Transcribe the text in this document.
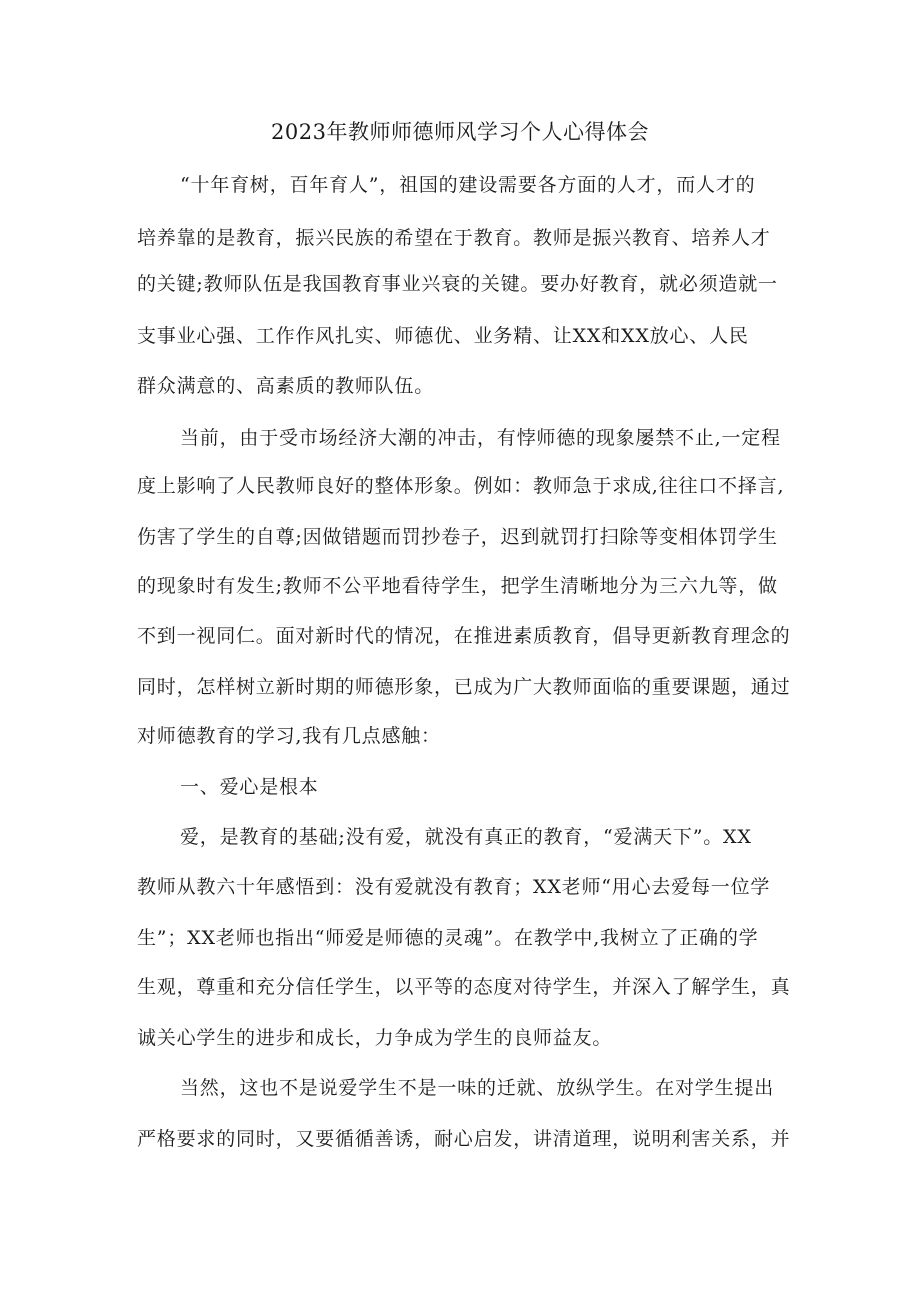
2023年教师师德师风学习个人心得体会
“十年育树，百年育人”，祖国的建设需要各方面的人才，而人才的
培养靠的是教育，振兴民族的希望在于教育。教师是振兴教育、培养人才
的关键;教师队伍是我国教育事业兴衰的关键。要办好教育，就必须造就一
支事业心强、工作作风扎实、师德优、业务精、让XX和XX放心、人民
群众满意的、高素质的教师队伍。
当前，由于受市场经济大潮的冲击，有悖师德的现象屡禁不止,一定程
度上影响了人民教师良好的整体形象。例如：教师急于求成,往往口不择言,
伤害了学生的自尊;因做错题而罚抄卷子，迟到就罚打扫除等变相体罚学生
的现象时有发生;教师不公平地看待学生，把学生清晰地分为三六九等，做
不到一视同仁。面对新时代的情况，在推进素质教育，倡导更新教育理念的
同时，怎样树立新时期的师德形象，已成为广大教师面临的重要课题，通过
对师德教育的学习,我有几点感触：
一、爱心是根本
爱，是教育的基础;没有爱，就没有真正的教育，“爱满天下”。XX
教师从教六十年感悟到：没有爱就没有教育；XX老师“用心去爱每一位学
生”；XX老师也指出“师爱是师德的灵魂”。在教学中,我树立了正确的学
生观，尊重和充分信任学生，以平等的态度对待学生，并深入了解学生，真
诚关心学生的进步和成长，力争成为学生的良师益友。
当然，这也不是说爱学生不是一味的迁就、放纵学生。在对学生提出
严格要求的同时，又要循循善诱，耐心启发，讲清道理，说明利害关系，并
